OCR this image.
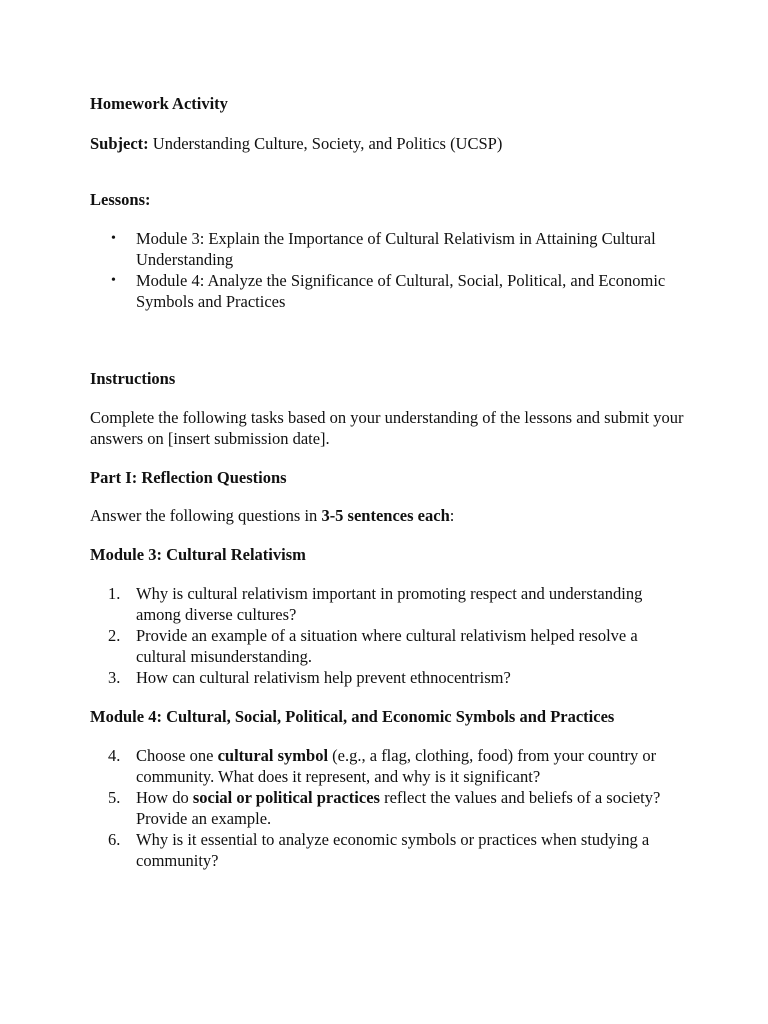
Homework Activity

Subject: Understanding Culture, Society, and Politics (UCSP)

Lessons:

• Module 3: Explain the Importance of Cultural Relativism in Attaining Cultural Understanding
• Module 4: Analyze the Significance of Cultural, Social, Political, and Economic Symbols and Practices

Instructions

Complete the following tasks based on your understanding of the lessons and submit your answers on [insert submission date].

Part I: Reflection Questions

Answer the following questions in 3-5 sentences each:

Module 3: Cultural Relativism

1. Why is cultural relativism important in promoting respect and understanding among diverse cultures?
2. Provide an example of a situation where cultural relativism helped resolve a cultural misunderstanding.
3. How can cultural relativism help prevent ethnocentrism?

Module 4: Cultural, Social, Political, and Economic Symbols and Practices

4. Choose one cultural symbol (e.g., a flag, clothing, food) from your country or community. What does it represent, and why is it significant?
5. How do social or political practices reflect the values and beliefs of a society? Provide an example.
6. Why is it essential to analyze economic symbols or practices when studying a community?
